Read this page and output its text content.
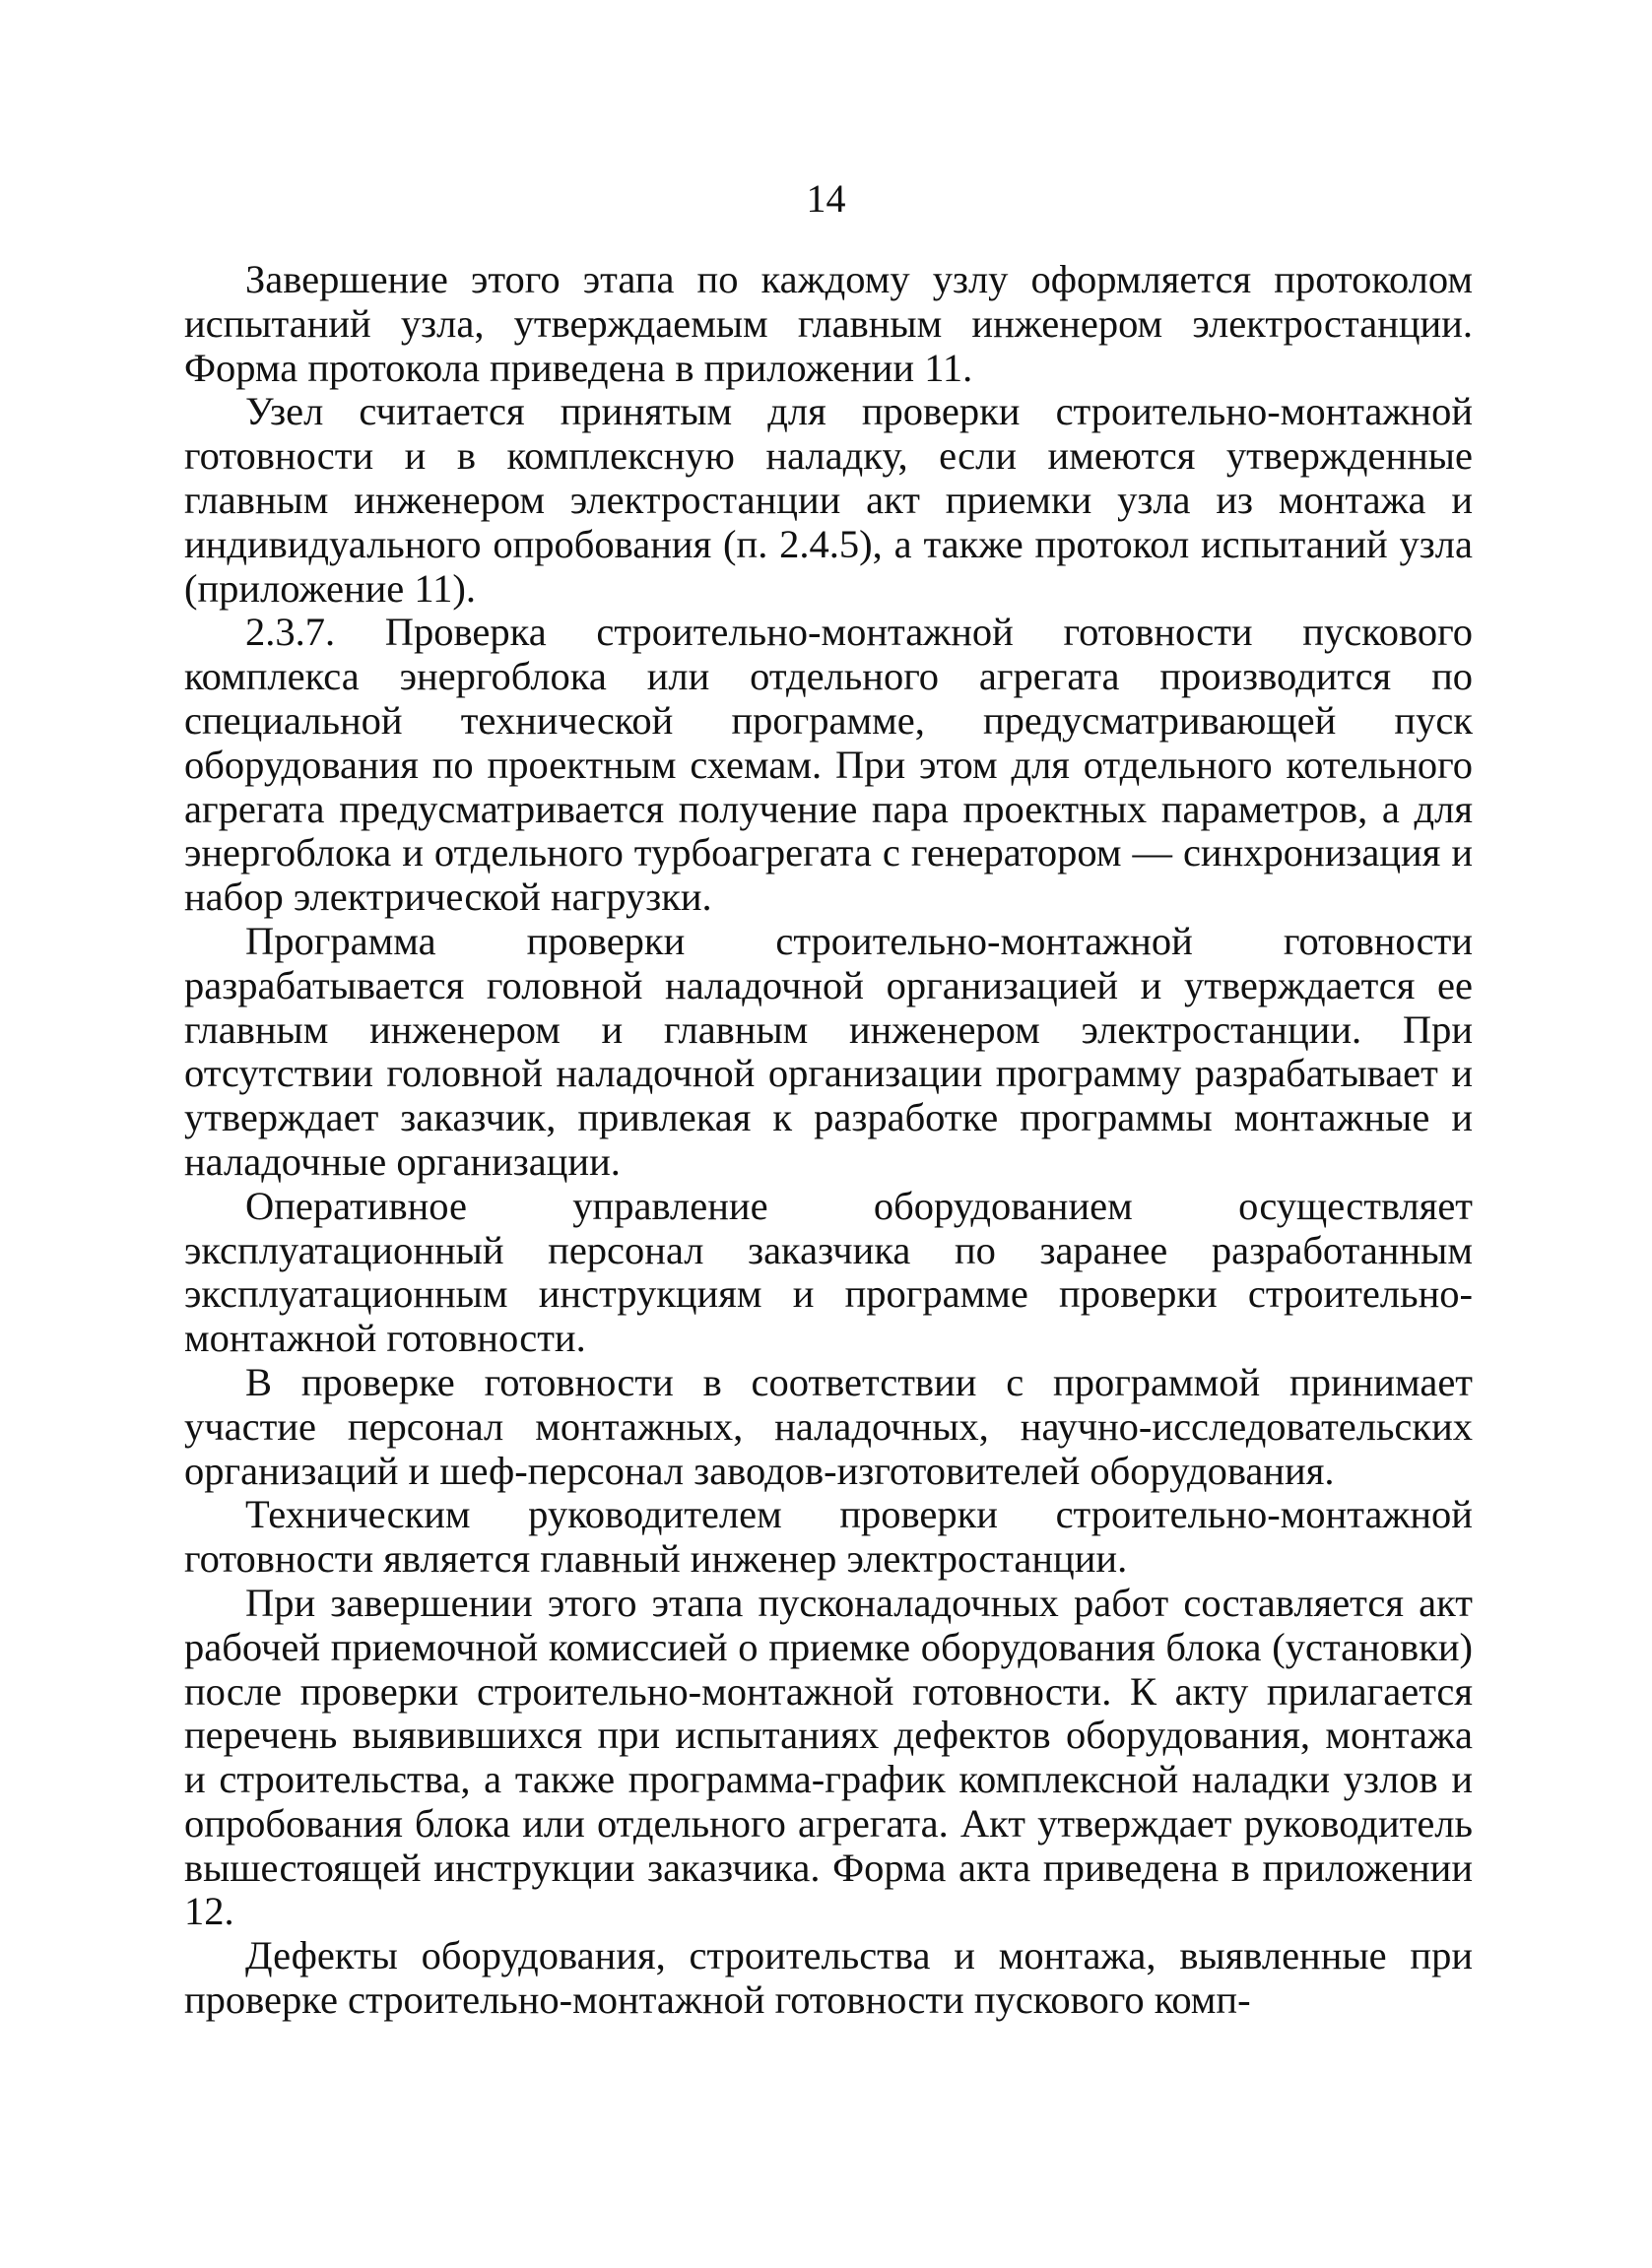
14

Завершение этого этапа по каждому узлу оформляется протоколом испытаний узла, утверждаемым главным инженером электростанции. Форма протокола приведена в приложении 11.

Узел считается принятым для проверки строительно-монтажной готовности и в комплексную наладку, если имеются утвержденные главным инженером электростанции акт приемки узла из монтажа и индивидуального опробования (п. 2.4.5), а также протокол испытаний узла (приложение 11).

2.3.7. Проверка строительно-монтажной готовности пускового комплекса энергоблока или отдельного агрегата производится по специальной технической программе, предусматривающей пуск оборудования по проектным схемам. При этом для отдельного котельного агрегата предусматривается получение пара проектных параметров, а для энергоблока и отдельного турбоагрегата с генератором — синхронизация и набор электрической нагрузки.

Программа проверки строительно-монтажной готовности разрабатывается головной наладочной организацией и утверждается ее главным инженером и главным инженером электростанции. При отсутствии головной наладочной организации программу разрабатывает и утверждает заказчик, привлекая к разработке программы монтажные и наладочные организации.

Оперативное управление оборудованием осуществляет эксплуатационный персонал заказчика по заранее разработанным эксплуатационным инструкциям и программе проверки строительно-монтажной готовности.

В проверке готовности в соответствии с программой принимает участие персонал монтажных, наладочных, научно-исследовательских организаций и шеф-персонал заводов-изготовителей оборудования.

Техническим руководителем проверки строительно-монтажной готовности является главный инженер электростанции.

При завершении этого этапа пусконаладочных работ составляется акт рабочей приемочной комиссией о приемке оборудования блока (установки) после проверки строительно-монтажной готовности. К акту прилагается перечень выявившихся при испытаниях дефектов оборудования, монтажа и строительства, а также программа-график комплексной наладки узлов и опробования блока или отдельного агрегата. Акт утверждает руководитель вышестоящей инструкции заказчика. Форма акта приведена в приложении 12.

Дефекты оборудования, строительства и монтажа, выявленные при проверке строительно-монтажной готовности пускового комп-
